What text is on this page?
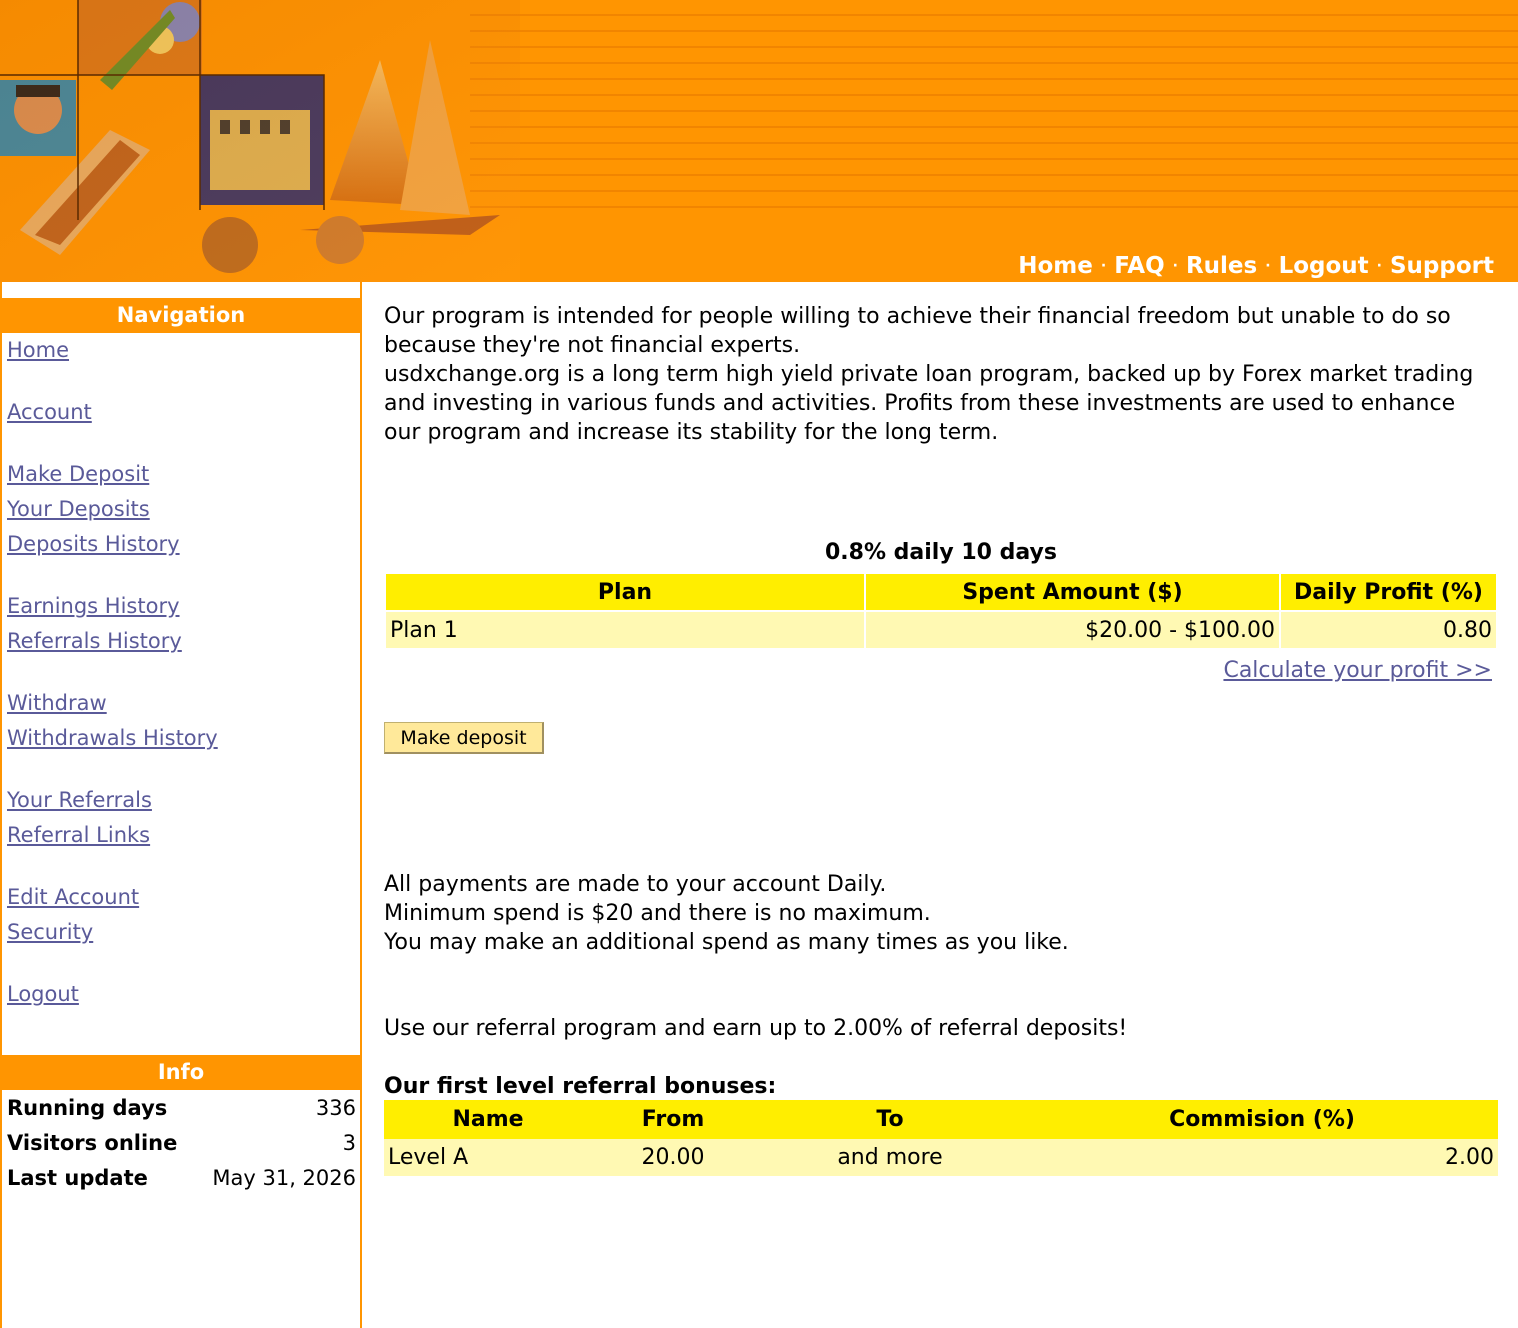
Home · FAQ · Rules · Logout · Support
Navigation
Home
Account
Make Deposit
Your Deposits
Deposits History
Earnings History
Referrals History
Withdraw
Withdrawals History
Your Referrals
Referral Links
Edit Account
Security
Logout
Info
Running days	336
Visitors online	3
Last update	May 31, 2026
Our program is intended for people willing to achieve their financial freedom but unable to do so because they're not financial experts.
usdxchange.org is a long term high yield private loan program, backed up by Forex market trading and investing in various funds and activities. Profits from these investments are used to enhance our program and increase its stability for the long term.
0.8% daily 10 days
Plan	Spent Amount ($)	Daily Profit (%)
Plan 1	$20.00 - $100.00	0.80
Calculate your profit >>
Make deposit
All payments are made to your account Daily.
Minimum spend is $20 and there is no maximum.
You may make an additional spend as many times as you like.
Use our referral program and earn up to 2.00% of referral deposits!
Our first level referral bonuses:
Name	From	To	Commision (%)
Level A	20.00	and more	2.00
